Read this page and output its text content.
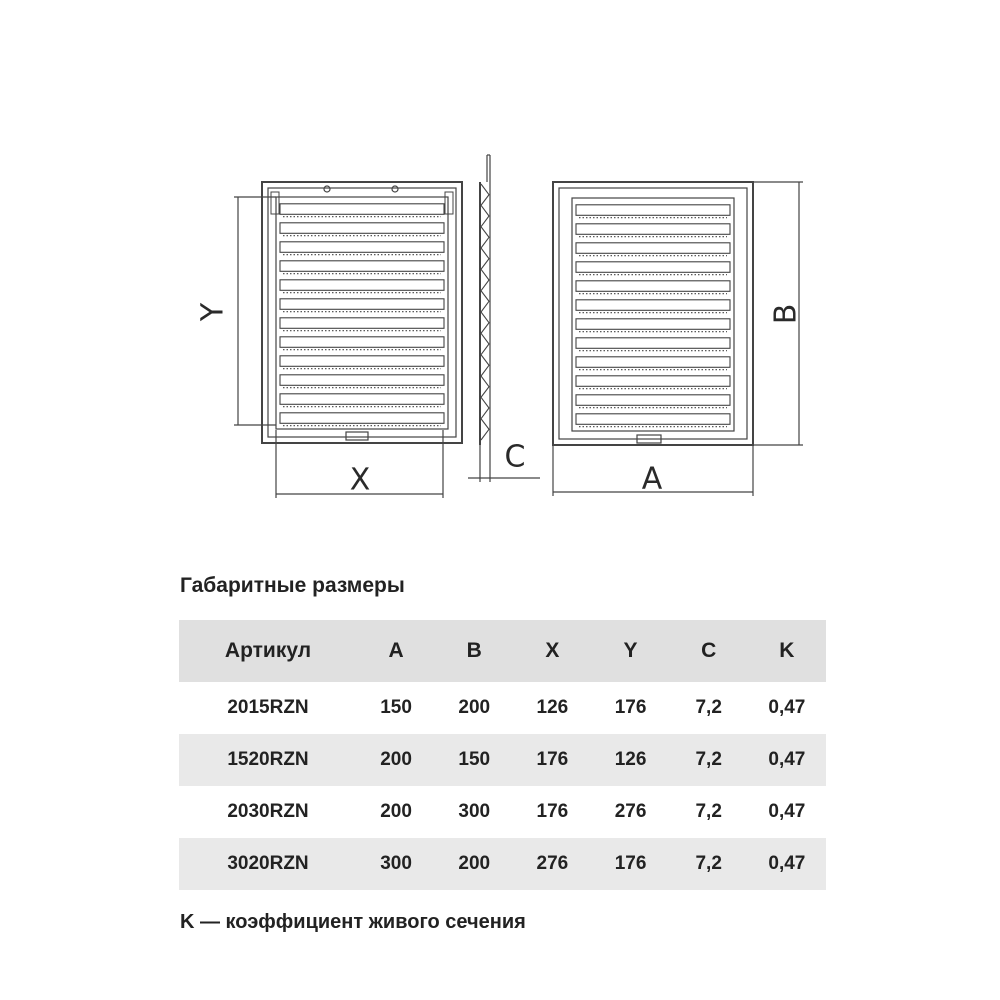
Y
X
C
A
B
Габаритные размеры
Артикул	A	B	X	Y	C	K
2015RZN	150	200	126	176	7,2	0,47
1520RZN	200	150	176	126	7,2	0,47
2030RZN	200	300	176	276	7,2	0,47
3020RZN	300	200	276	176	7,2	0,47

K — коэффициент живого сечения
